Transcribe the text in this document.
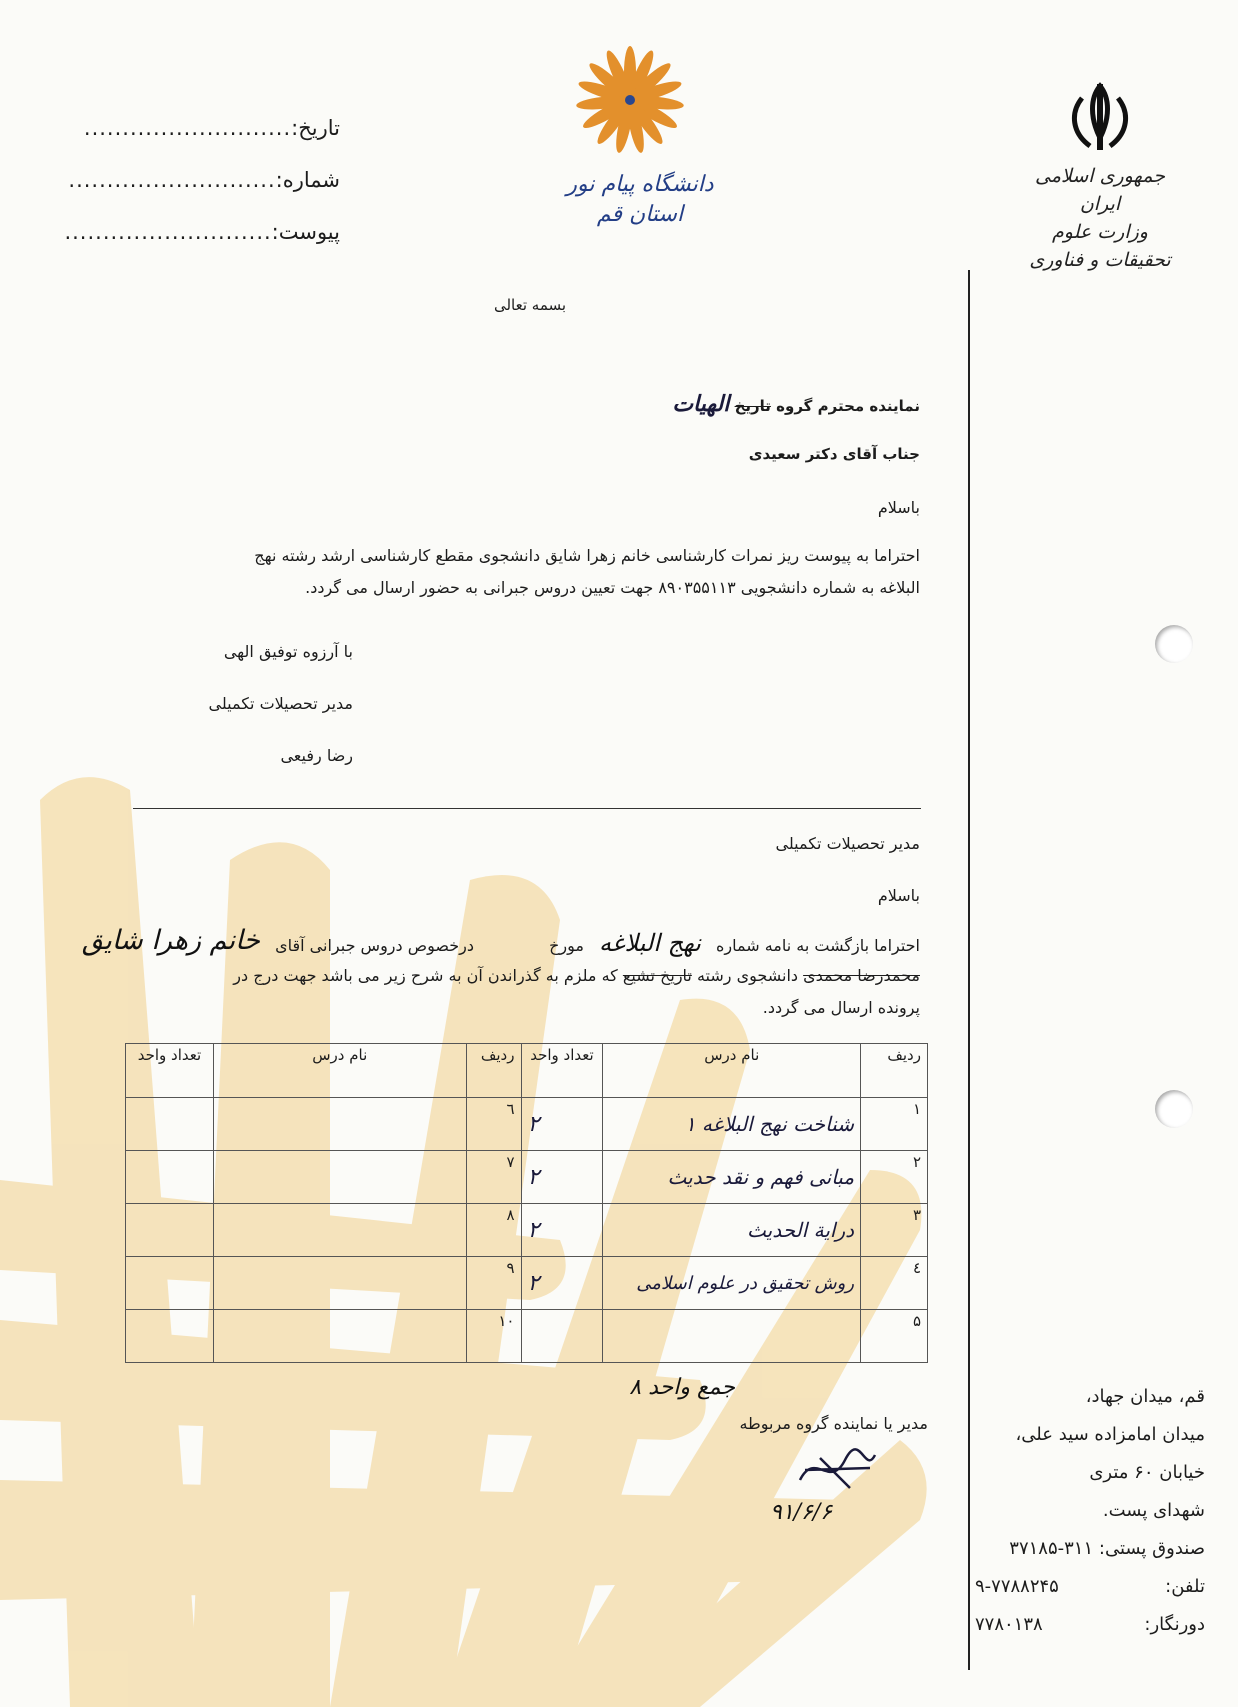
جمهوری اسلامی ایران
وزارت علوم تحقیقات و فناوری
دانشگاه پیام نور
استان قم
تاریخ:
...........................
شماره:
...........................
پیوست:
...........................
بسمه تعالی
نماینده محترم گروه تاریخ الهیات
جناب آقای دکتر سعیدی
باسلام
احتراما به پیوست ریز نمرات کارشناسی خانم زهرا شایق دانشجوی مقطع کارشناسی ارشد رشته نهج
البلاغه به شماره دانشجویی ۸۹۰۳۵۵۱۱۳ جهت تعیین دروس جبرانی به حضور ارسال می گردد.
با آرزوه توفیق الهی
مدیر تحصیلات تکمیلی
رضا رفیعی
مدیر تحصیلات تکمیلی
باسلام
احتراما بازگشت به نامه شماره نهج البلاغه مورخ درخصوص دروس جبرانی آقای
خانم زهرا شایق
محمدرضا محمدی دانشجوی رشته تاریخ تشیع که ملزم به گذراندن آن به شرح زیر می باشد جهت درج در
پرونده ارسال می گردد.
ردیف	نام درس	تعداد واحد	ردیف	نام درس	تعداد واحد
۱	شناخت نهج البلاغه ۱	۲	٦		
۲	مبانی فهم و نقد حدیث	۲	۷		
۳	درایة الحدیث	۲	۸		
٤	روش تحقیق در علوم اسلامی	۲	۹		
۵			۱۰		
جمع واحد ۸
مدیر یا نماینده گروه مربوطه
۹۱/۶/۶
قم، میدان جهاد،
میدان امامزاده سید علی،
خیابان ۶۰ متری
شهدای پست.
صندوق پستی: ۳۱۱-۳۷۱۸۵
تلفن:
۹-۷۷۸۸۲۴۵
دورنگار:
۷۷۸۰۱۳۸
